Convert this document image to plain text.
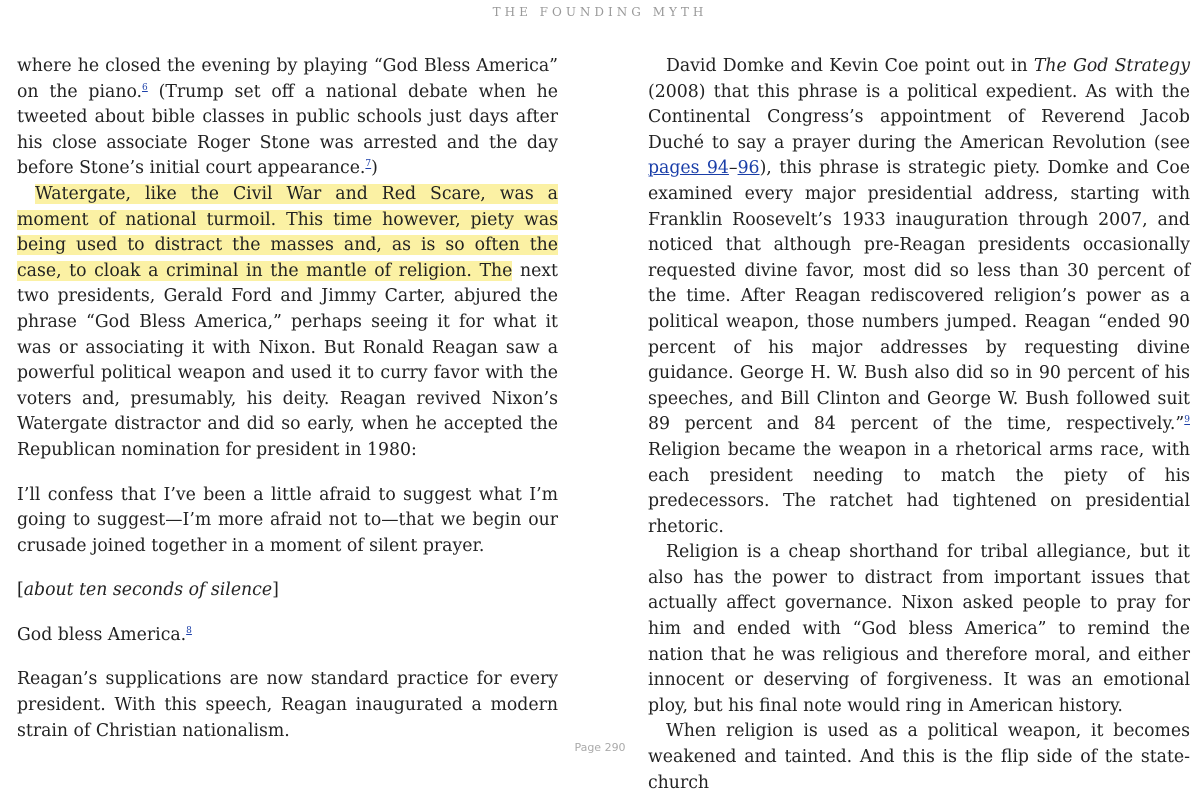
THE FOUNDING MYTH

where he closed the evening by playing “God Bless America” on the piano.$^6$ (Trump set off a national debate when he tweeted about bible classes in public schools just days after his close associate Roger Stone was arrested and the day before Stone’s initial court appearance.$^7$)

Watergate, like the Civil War and Red Scare, was a moment of national turmoil. This time however, piety was being used to distract the masses and, as is so often the case, to cloak a criminal in the mantle of religion. The next two presidents, Gerald Ford and Jimmy Carter, abjured the phrase “God Bless America,” perhaps seeing it for what it was or associating it with Nixon. But Ronald Reagan saw a powerful political weapon and used it to curry favor with the voters and, presumably, his deity. Reagan revived Nixon’s Watergate distractor and did so early, when he accepted the Republican nomination for president in 1980:

I’ll confess that I’ve been a little afraid to suggest what I’m going to suggest—I’m more afraid not to—that we begin our crusade joined together in a moment of silent prayer.

[about ten seconds of silence]

God bless America.$^8$

Reagan’s supplications are now standard practice for every president. With this speech, Reagan inaugurated a modern strain of Christian nationalism.

David Domke and Kevin Coe point out in The God Strategy (2008) that this phrase is a political expedient. As with the Continental Congress’s appointment of Reverend Jacob Duché to say a prayer during the American Revolution (see pages 94–96), this phrase is strategic piety. Domke and Coe examined every major presidential address, starting with Franklin Roosevelt’s 1933 inauguration through 2007, and noticed that although pre-Reagan presidents occasionally requested divine favor, most did so less than 30 percent of the time. After Reagan rediscovered religion’s power as a political weapon, those numbers jumped. Reagan “ended 90 percent of his major addresses by requesting divine guidance. George H. W. Bush also did so in 90 percent of his speeches, and Bill Clinton and George W. Bush followed suit 89 percent and 84 percent of the time, respectively.”$^9$ Religion became the weapon in a rhetorical arms race, with each president needing to match the piety of his predecessors. The ratchet had tightened on presidential rhetoric.

Religion is a cheap shorthand for tribal allegiance, but it also has the power to distract from important issues that actually affect governance. Nixon asked people to pray for him and ended with “God bless America” to remind the nation that he was religious and therefore moral, and either innocent or deserving of forgiveness. It was an emotional ploy, but his final note would ring in American history.

When religion is used as a political weapon, it becomes weakened and tainted. And this is the flip side of the state-church

Page 290
